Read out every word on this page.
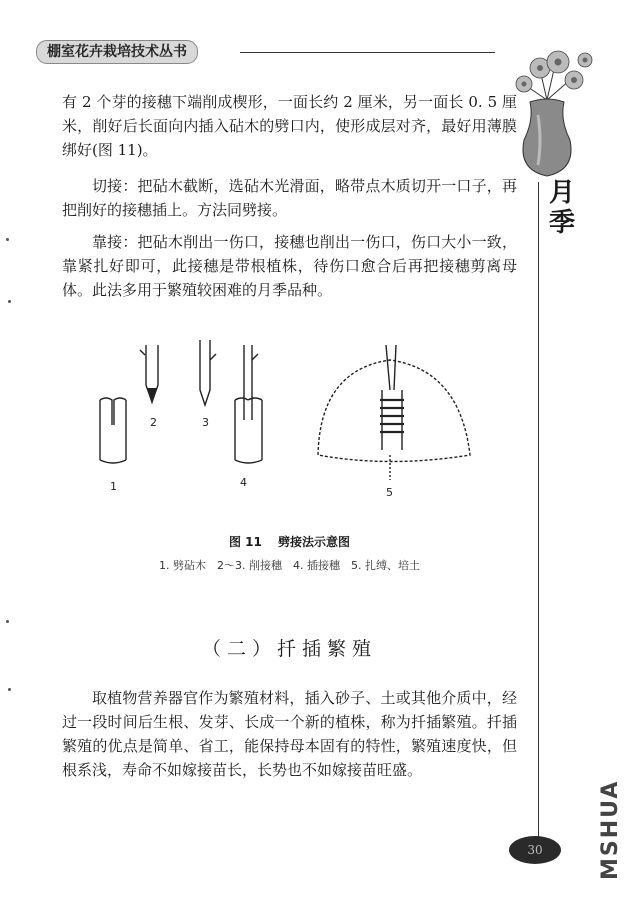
棚室花卉栽培技术丛书
月季

有 2 个芽的接穗下端削成楔形，一面长约 2 厘米，另一面长 0. 5 厘米，削好后长面向内插入砧木的劈口内，使形成层对齐，最好用薄膜绑好(图 11)。

切接：把砧木截断，选砧木光滑面，略带点木质切开一口子，再把削好的接穗插上。方法同劈接。

靠接：把砧木削出一伤口，接穗也削出一伤口，伤口大小一致，靠紧扎好即可，此接穗是带根植株，待伤口愈合后再把接穗剪离母体。此法多用于繁殖较困难的月季品种。

1
2	3
4
5
图 11　 劈接法示意图
1. 劈砧木　2～3. 削接穗　4. 插接穗　5. 扎缚、培土
（二）扦插繁殖

取植物营养器官作为繁殖材料，插入砂子、土或其他介质中，经过一段时间后生根、发芽、长成一个新的植株，称为扦插繁殖。扦插繁殖的优点是简单、省工，能保持母本固有的特性，繁殖速度快，但根系浅，寿命不如嫁接苗长，长势也不如嫁接苗旺盛。

30	MSHUA
